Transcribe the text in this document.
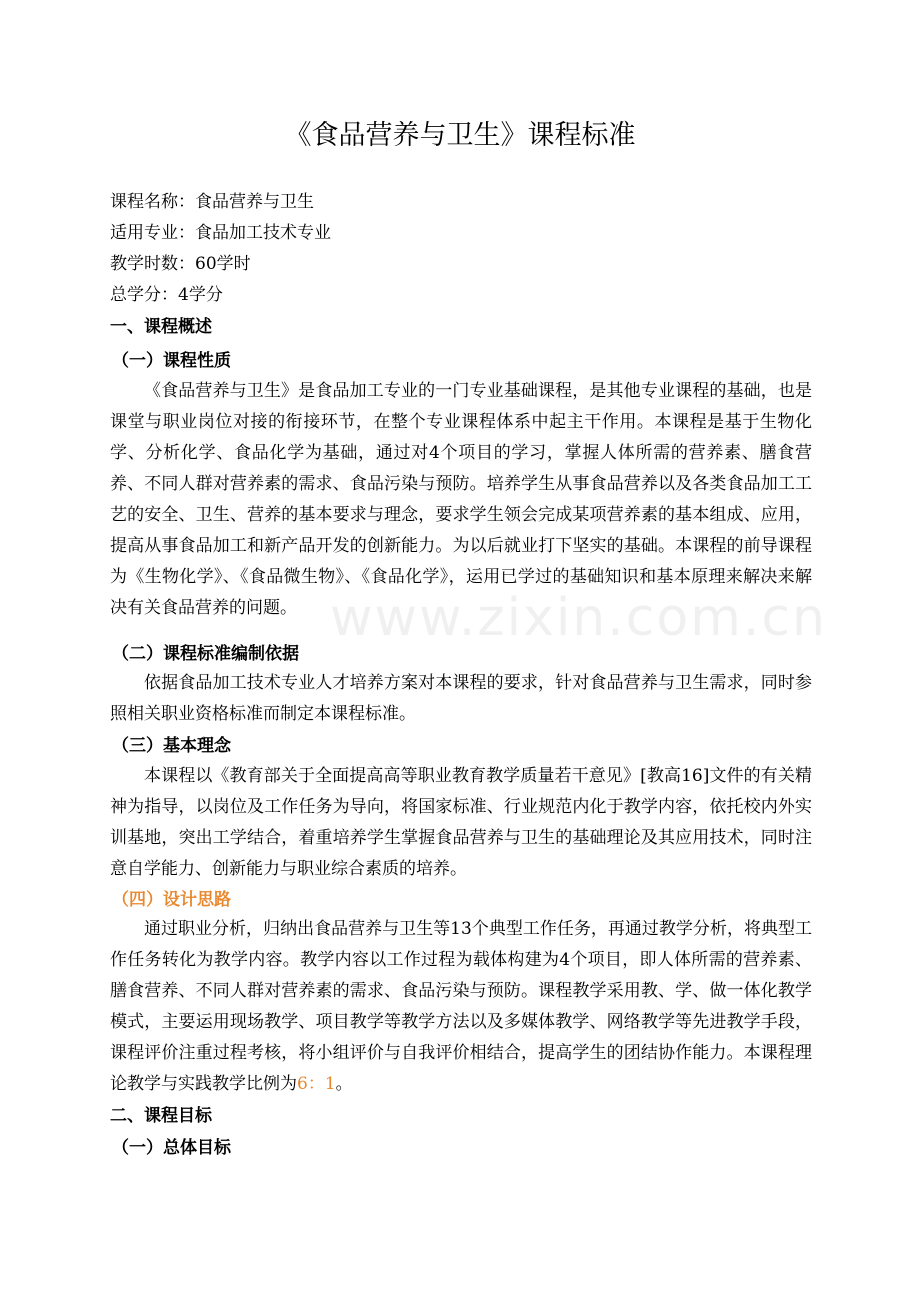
《食品营养与卫生》课程标准
课程名称：食品营养与卫生
适用专业：食品加工技术专业
教学时数：60学时
总学分：4学分
一、课程概述
（一）课程性质

《食品营养与卫生》是食品加工专业的一门专业基础课程，是其他专业课程的基础，也是课堂与职业岗位对接的衔接环节，在整个专业课程体系中起主干作用。本课程是基于生物化学、分析化学、食品化学为基础，通过对4个项目的学习，掌握人体所需的营养素、膳食营养、不同人群对营养素的需求、食品污染与预防。培养学生从事食品营养以及各类食品加工工艺的安全、卫生、营养的基本要求与理念，要求学生领会完成某项营养素的基本组成、应用，提高从事食品加工和新产品开发的创新能力。为以后就业打下坚实的基础。本课程的前导课程为《生物化学》、《食品微生物》、《食品化学》，运用已学过的基础知识和基本原理来解决来解决有关食品营养的问题。 www.zixin.com.cn
（二）课程标准编制依据

依据食品加工技术专业人才培养方案对本课程的要求，针对食品营养与卫生需求，同时参照相关职业资格标准而制定本课程标准。

（三）基本理念

本课程以《教育部关于全面提高高等职业教育教学质量若干意见》[教高16]文件的有关精神为指导，以岗位及工作任务为导向，将国家标准、行业规范内化于教学内容，依托校内外实训基地，突出工学结合，着重培养学生掌握食品营养与卫生的基础理论及其应用技术，同时注意自学能力、创新能力与职业综合素质的培养。

（四）设计思路

通过职业分析，归纳出食品营养与卫生等13个典型工作任务，再通过教学分析，将典型工作任务转化为教学内容。教学内容以工作过程为载体构建为4个项目，即人体所需的营养素、膳食营养、不同人群对营养素的需求、食品污染与预防。课程教学采用教、学、做一体化教学模式，主要运用现场教学、项目教学等教学方法以及多媒体教学、网络教学等先进教学手段，课程评价注重过程考核，将小组评价与自我评价相结合，提高学生的团结协作能力。本课程理论教学与实践教学比例为6：1。

二、课程目标
（一）总体目标
